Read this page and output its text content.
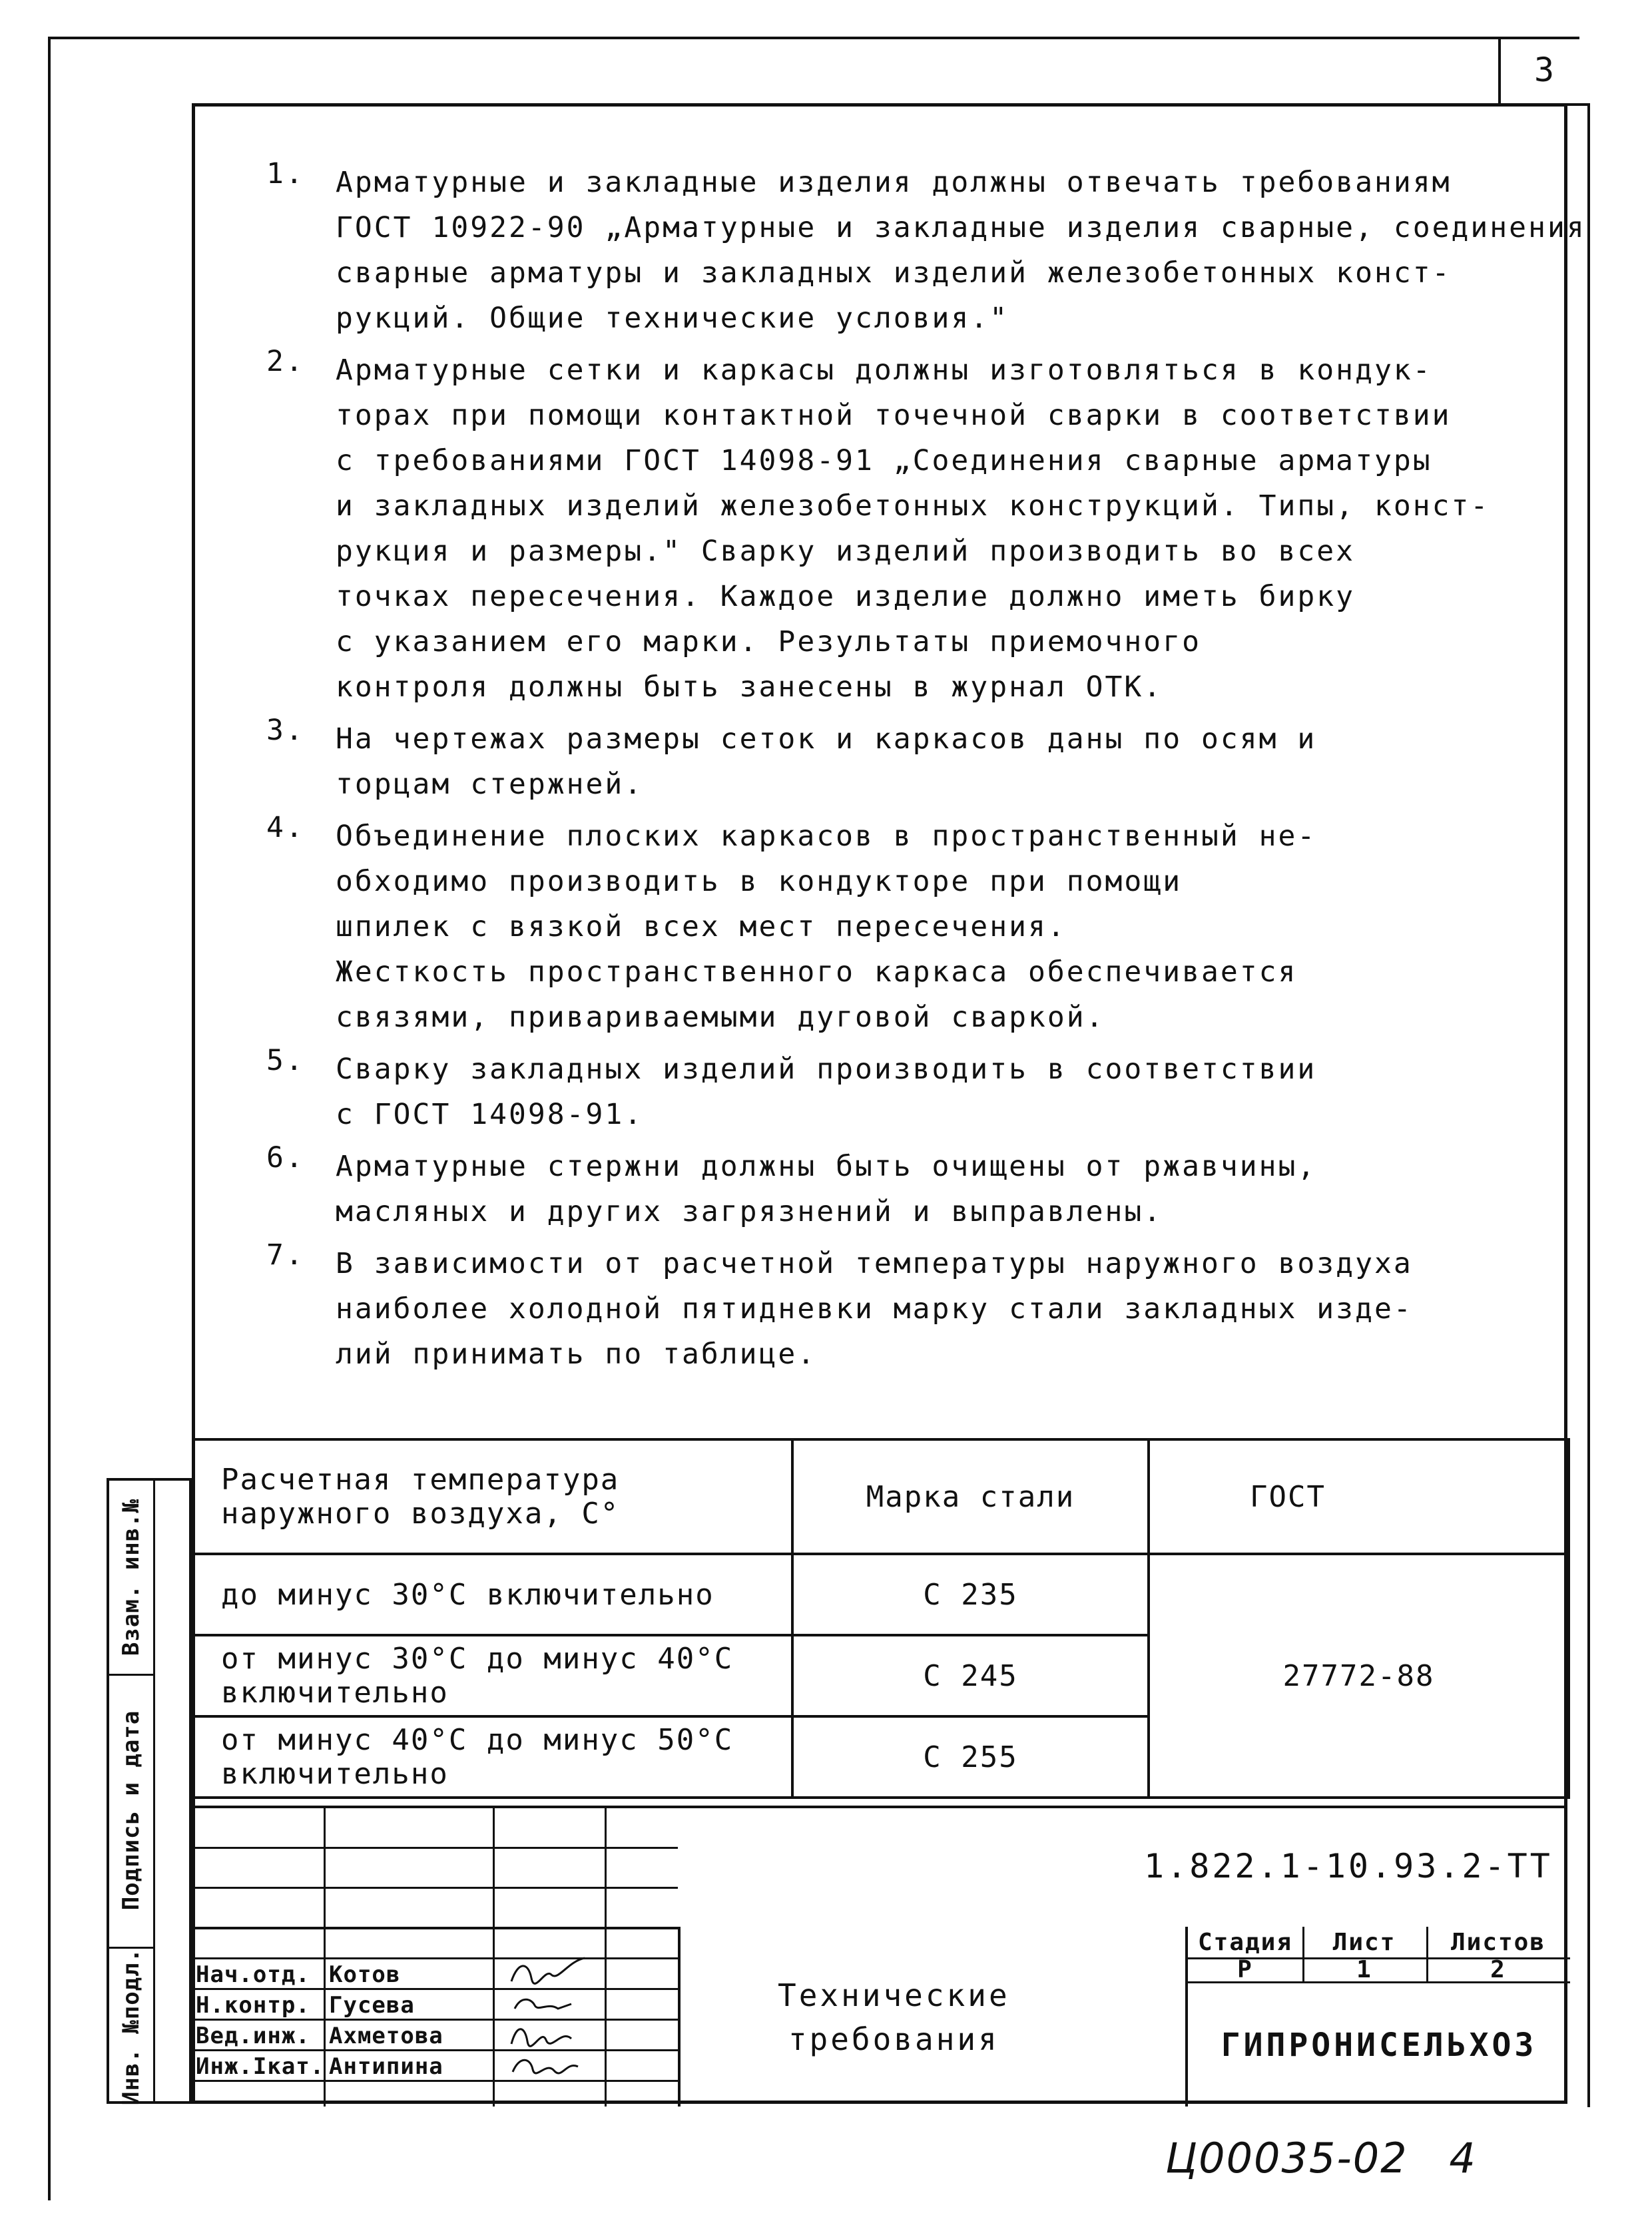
3
1.	Арматурные и закладные изделия должны отвечать требованиям
ГОСТ 10922-90 „Арматурные и закладные изделия сварные, соединения
сварные арматуры и закладных изделий железобетонных конст-
рукций. Общие технические условия."
2.	Арматурные сетки и каркасы должны изготовляться в кондук-
торах при помощи контактной точечной сварки в соответствии
с требованиями ГОСТ 14098-91 „Соединения сварные арматуры
и закладных изделий железобетонных конструкций. Типы, конст-
рукция и размеры." Сварку изделий производить во всех
точках пересечения. Каждое изделие должно иметь бирку
с указанием его марки. Результаты приемочного
контроля должны быть занесены в журнал ОТК.
3.	На чертежах размеры сеток и каркасов даны по осям и
торцам стержней.
4.	Объединение плоских каркасов в пространственный не-
обходимо производить в кондукторе при помощи
шпилек с вязкой всех мест пересечения.
Жесткость пространственного каркаса обеспечивается
связями, привариваемыми дуговой сваркой.
5.	Сварку закладных изделий производить в соответствии
с ГОСТ 14098-91.
6.	Арматурные стержни должны быть очищены от ржавчины,
масляных и других загрязнений и выправлены.
7.	В зависимости от расчетной температуры наружного воздуха
наиболее холодной пятидневки марку стали закладных изде-
лий принимать по таблице.
Расчетная температура наружного воздуха, С°	Марка стали	ГОСТ
до минус 30°С включительно	С 235	27772-88
от минус 30°С до минус 40°С включительно	С 245	
от минус 40°С до минус 50°С включительно	С 255	
Взам. инв.№
Подпись и дата
Инв. №подл. Нач.отд. Котов
Н.контр. Гусева
Вед.инж. Ахметова
Инж.Iкат. Антипина
1.822.1-10.93.2-ТТ
Технические
требования
Стадия	Лист	Листов
Р	1	2
ГИПРОНИСЕЛЬХОЗ
Ц00035-02 4
